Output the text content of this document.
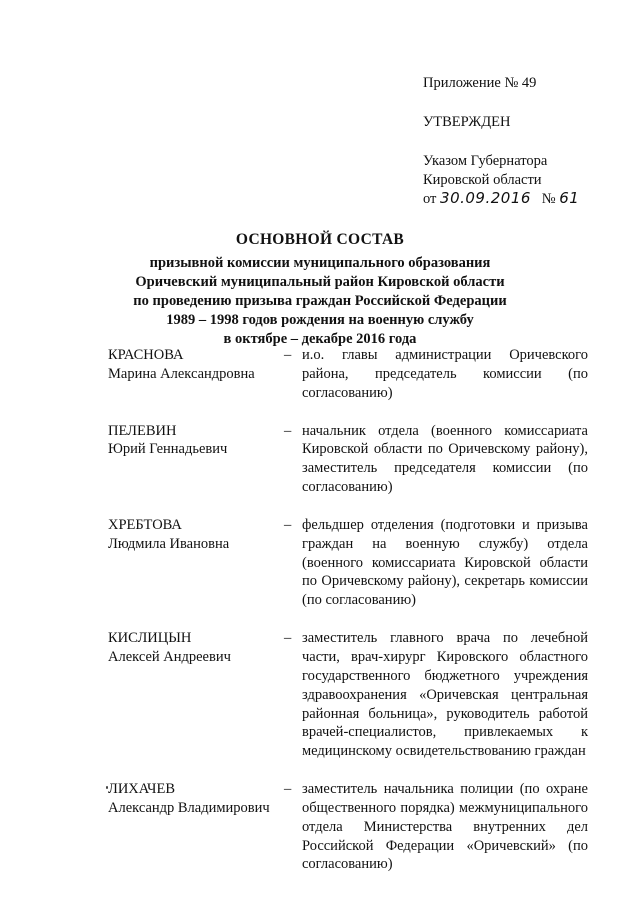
Приложение № 49

УТВЕРЖДЕН

Указом Губернатора

Кировской области

от 30.09.2016 № 61

ОСНОВНОЙ СОСТАВ

призывной комиссии муниципального образования

Оричевский муниципальный район Кировской области

по проведению призыва граждан Российской Федерации

1989 – 1998 годов рождения на военную службу

в октябре – декабре 2016 года

КРАСНОВА
Марина Александровна
– и.о. главы администрации Оричевского района, председатель комиссии (по согласованию)
ПЕЛЕВИН
Юрий Геннадьевич
– начальник отдела (военного комиссариата Кировской области по Оричевскому району), заместитель председателя комиссии (по согласованию)
ХРЕБТОВА
Людмила Ивановна
– фельдшер отделения (подготовки и призыва граждан на военную службу) отдела (военного комиссариата Кировской области по Оричевскому району), секретарь комиссии (по согласованию)
КИСЛИЦЫН
Алексей Андреевич
– заместитель главного врача по лечебной части, врач-хирург Кировского областного государственного бюджетного учреждения здравоохранения «Оричевская центральная районная больница», руководитель работой врачей-специалистов, привлекаемых к медицинскому освидетельствованию граждан
ЛИХАЧЕВ
Александр Владимирович
– заместитель начальника полиции (по охране общественного порядка) межмуниципального отдела Министерства внутренних дел Российской Федерации «Оричевский» (по согласованию)
